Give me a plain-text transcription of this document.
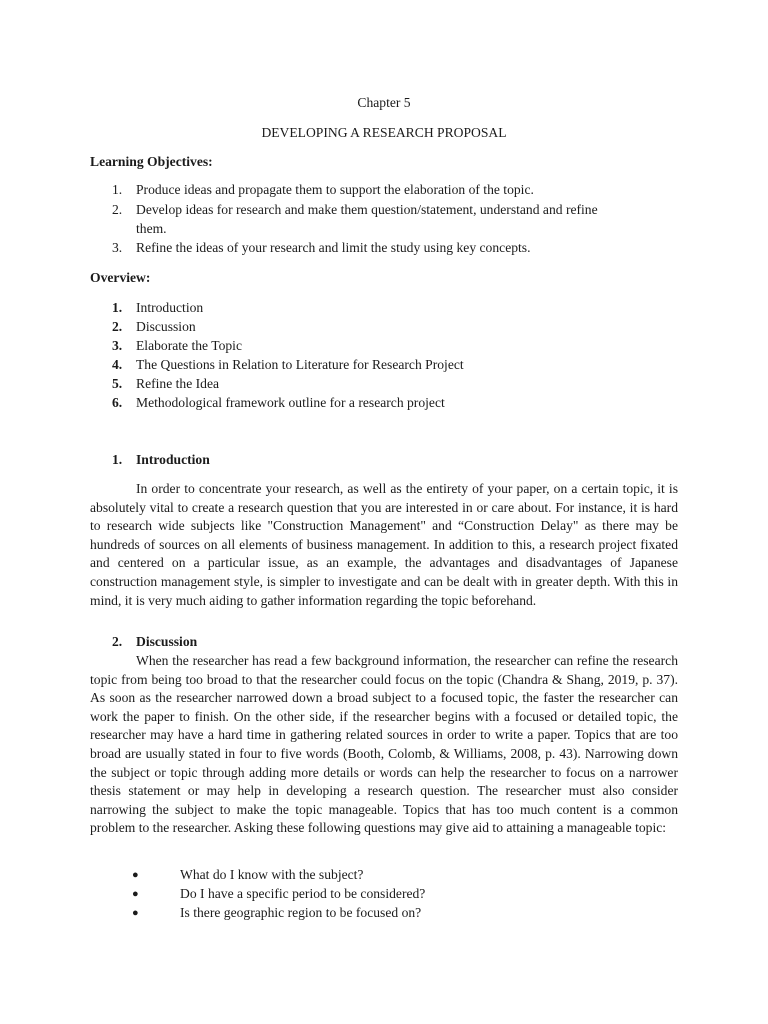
Chapter 5
DEVELOPING A RESEARCH PROPOSAL
Learning Objectives:
1.	Produce ideas and propagate them to support the elaboration of the topic.
2.	Develop ideas for research and make them question/statement, understand and refine
them.
3.	Refine the ideas of your research and limit the study using key concepts.
Overview:
1.	Introduction
2.	Discussion
3.	Elaborate the Topic
4.	The Questions in Relation to Literature for Research Project
5.	Refine the Idea
6.	Methodological framework outline for a research project
1.	Introduction
In order to concentrate your research, as well as the entirety of your paper, on a certain topic, it is absolutely vital to create a research question that you are interested in or care about. For instance, it is hard to research wide subjects like "Construction Management" and “Construction Delay" as there may be hundreds of sources on all elements of business management. In addition to this, a research project fixated and centered on a particular issue, as an example, the advantages and disadvantages of Japanese construction management style, is simpler to investigate and can be dealt with in greater depth. With this in mind, it is very much aiding to gather information regarding the topic beforehand.
2.	Discussion
When the researcher has read a few background information, the researcher can refine the research topic from being too broad to that the researcher could focus on the topic (Chandra & Shang, 2019, p. 37). As soon as the researcher narrowed down a broad subject to a focused topic, the faster the researcher can work the paper to finish. On the other side, if the researcher begins with a focused or detailed topic, the researcher may have a hard time in gathering related sources in order to write a paper. Topics that are too broad are usually stated in four to five words (Booth, Colomb, & Williams, 2008, p. 43). Narrowing down the subject or topic through adding more details or words can help the researcher to focus on a narrower thesis statement or may help in developing a research question. The researcher must also consider narrowing the subject to make the topic manageable. Topics that has too much content is a common problem to the researcher. Asking these following questions may give aid to attaining a manageable topic:
●	What do I know with the subject?
●	Do I have a specific period to be considered?
●	Is there geographic region to be focused on?
